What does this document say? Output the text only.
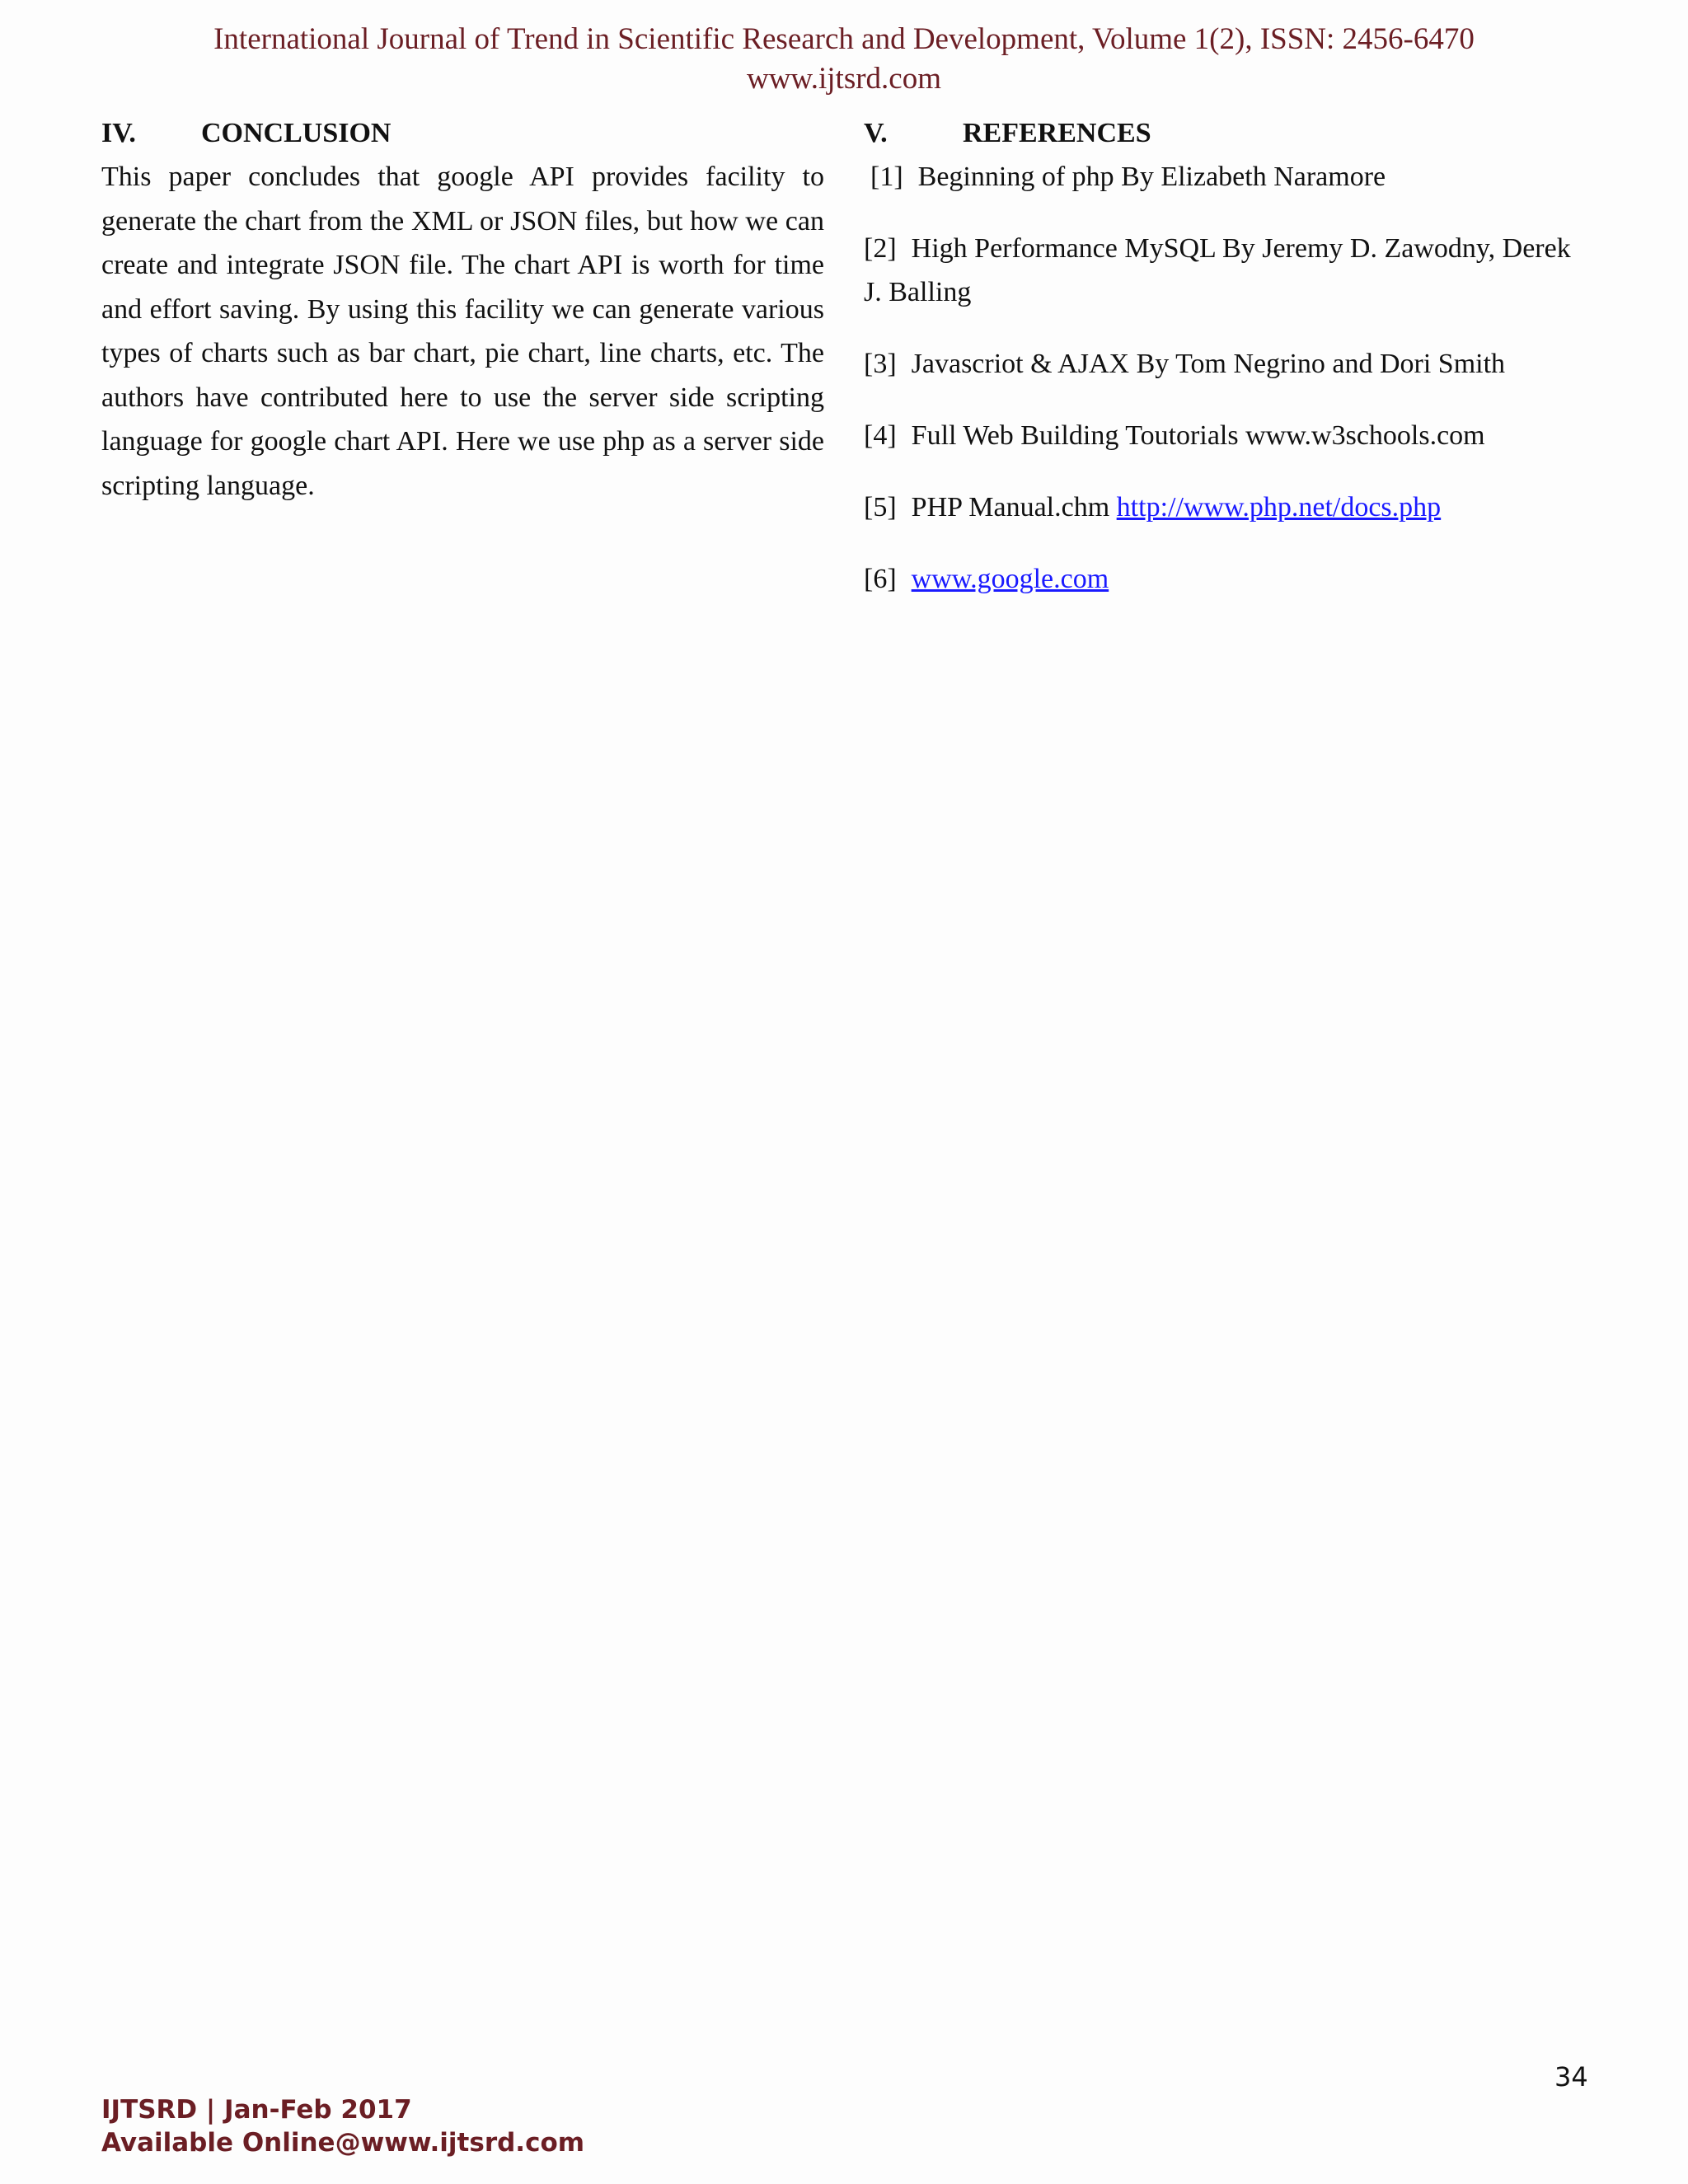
International Journal of Trend in Scientific Research and Development, Volume 1(2), ISSN: 2456-6470
www.ijtsrd.com
IV.	CONCLUSION

This paper concludes that google API provides facility to generate the chart from the XML or JSON files, but how we can create and integrate JSON file. The chart API is worth for time and effort saving. By using this facility we can generate various types of charts such as bar chart, pie chart, line charts, etc. The authors have contributed here to use the server side scripting language for google chart API. Here we use php as a server side scripting language.

V.	REFERENCES
[1] Beginning of php By Elizabeth Naramore
[2] High Performance MySQL By Jeremy D. Zawodny, Derek J. Balling
[3] Javascriot & AJAX By Tom Negrino and Dori Smith
[4] Full Web Building Toutorials www.w3schools.com
[5] PHP Manual.chm http://www.php.net/docs.php
[6] www.google.com
34
IJTSRD | Jan-Feb 2017
Available Online@www.ijtsrd.com
